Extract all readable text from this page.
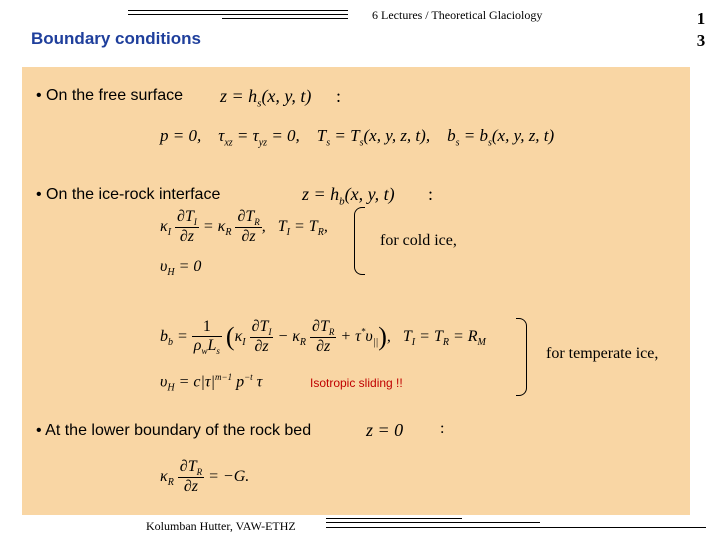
6 Lectures / Theoretical Glaciology	1
3
Boundary conditions
• On the free surface $z = h_s(x$, y, t) :
p = 0,    $\tau_{xz} = \tau_{yz} = 0$,    $T_s = T_s(x$, y, z, t),    $b_s = b_s(x$, y, z, t)
• On the ice-rock interface	$z = h_b(x$, y, t) :
$\kappa_I \frac{\partial T_I}{\partial z} = \kappa_R \frac{\partial T_R}{\partial z}$ ,   $T_I = T_R$,
$\upsilon_H = 0$
for cold ice,
$b_b = \frac{1}{\rho_wL_s} (\kappa_I \frac{\partial T_I}{\partial z} - \kappa_R \frac{\partial T_R}{\partial z} + \tau^*\upsilon_{||})$,   $T_I = T_R = R_M$
$\upsilon_H = c|\tau|^{m-1}$ $p^{-t}$ τ
for temperate ice,
Isotropic sliding !!
• At the lower boundary of the rock bed	z = 0 :
$\kappa_R \frac{\partial T_R}{\partial z} = -G$.
Kolumban Hutter, VAW-ETHZ
